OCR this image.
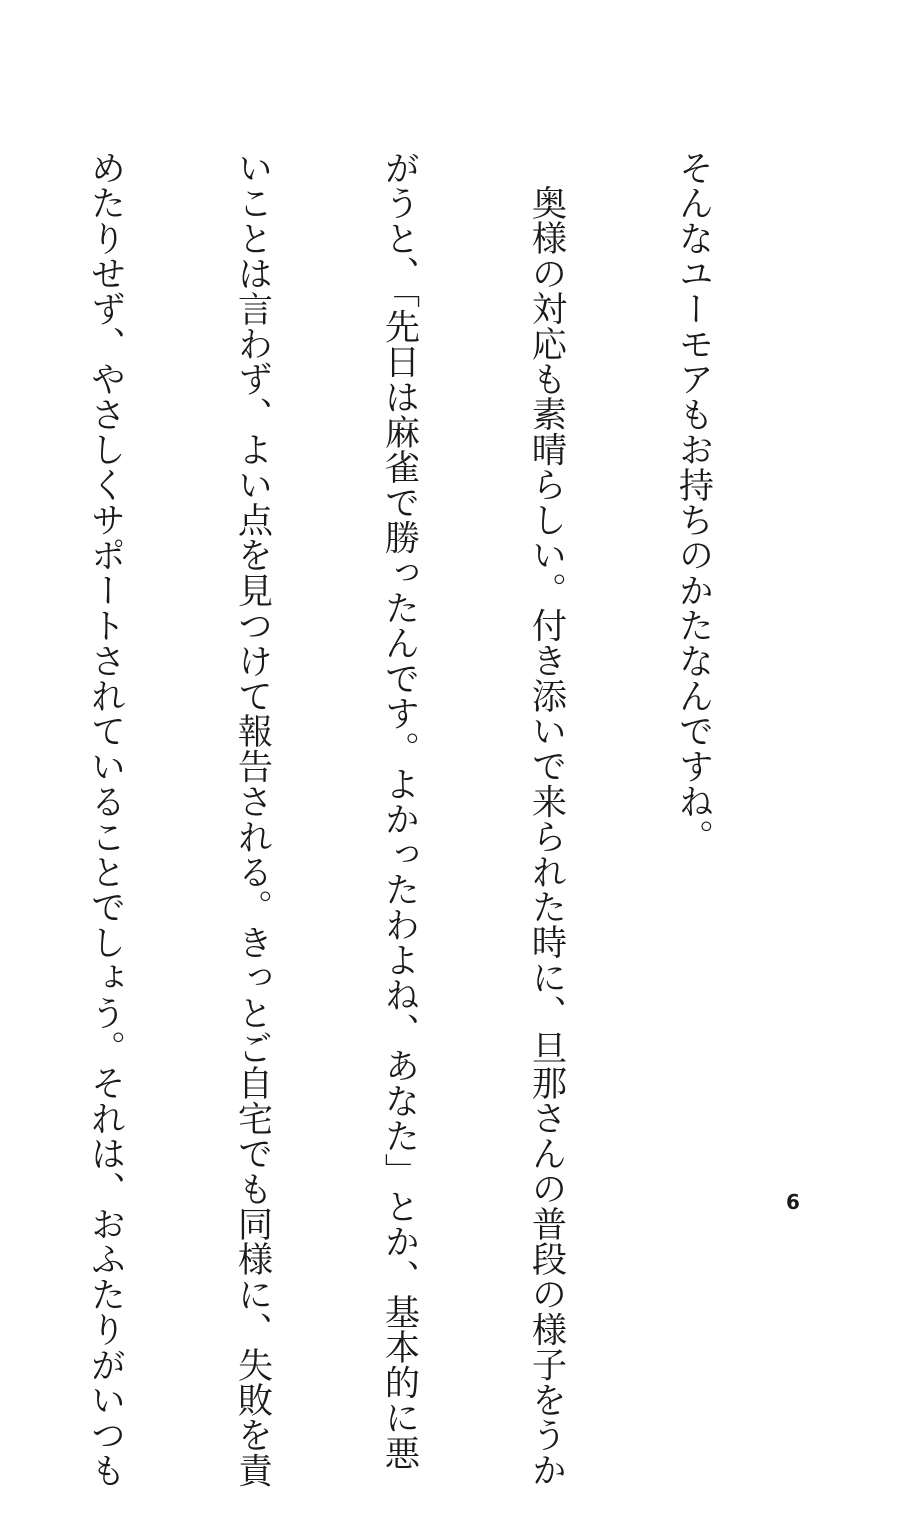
そんなユーモアもお持ちのかたなんですね。

奥様の対応も素晴らしい。付き添いで来られた時に、旦那さんの普段の様子をうか

がうと、「先日は麻雀で勝ったんです。よかったわよね、あなた」とか、基本的に悪

いことは言わず、よい点を見つけて報告される。きっとご自宅でも同様に、失敗を責

めたりせず、やさしくサポートされていることでしょう。それは、おふたりがいつも

	6
